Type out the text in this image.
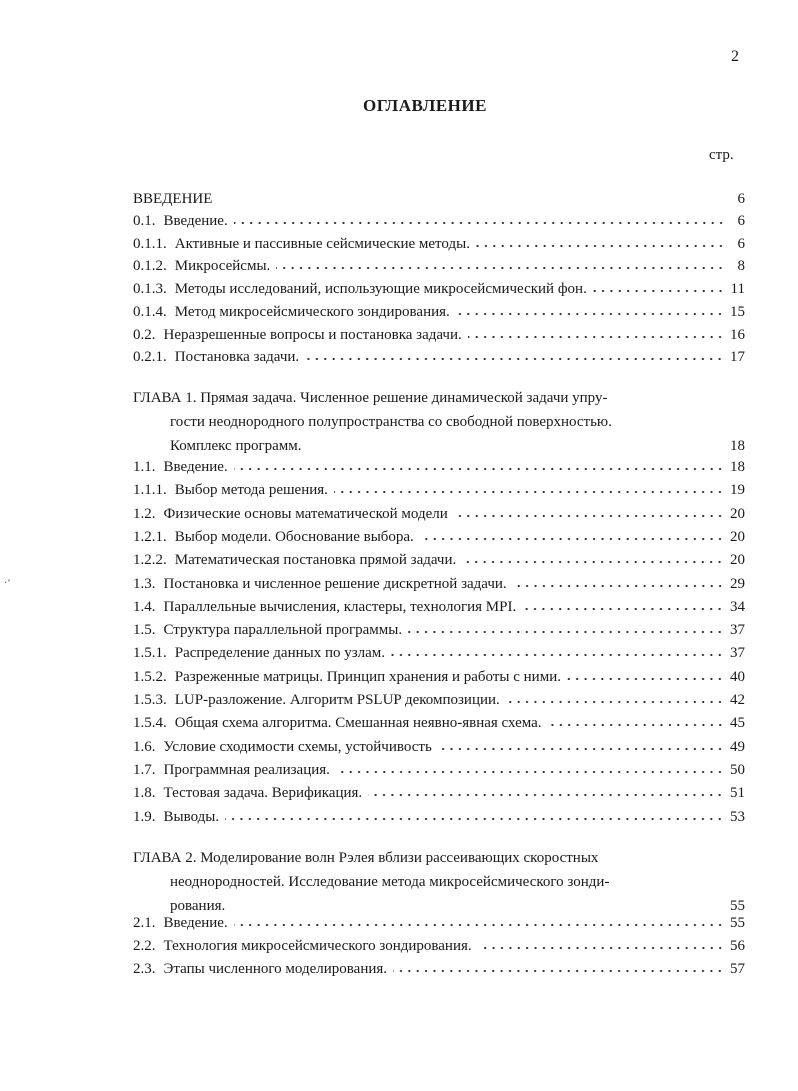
2
ОГЛАВЛЕНИЕ
стр.
ВВЕДЕНИЕ	6
0.1. Введение.	6
0.1.1. Активные и пассивные сейсмические методы.	6
0.1.2. Микросейсмы.	8
0.1.3. Методы исследований, использующие микросейсмический фон.	11
0.1.4. Метод микросейсмического зондирования.	15
0.2. Неразрешенные вопросы и постановка задачи.	16
0.2.1. Постановка задачи.	17
ГЛАВА 1. Прямая задача. Численное решение динамической задачи упру-
гости неоднородного полупространства со свободной поверхностью.
Комплекс программ.	18
1.1. Введение.	18
1.1.1. Выбор метода решения.	19
1.2. Физические основы математической модели	20
1.2.1. Выбор модели. Обоснование выбора.	20
1.2.2. Математическая постановка прямой задачи.	20
1.3. Постановка и численное решение дискретной задачи.	29
1.4. Параллельные вычисления, кластеры, технология MPI.	34
1.5. Структура параллельной программы.	37
1.5.1. Распределение данных по узлам.	37
1.5.2. Разреженные матрицы. Принцип хранения и работы с ними.	40
1.5.3. LUP-разложение. Алгоритм PSLUP декомпозиции.	42
1.5.4. Общая схема алгоритма. Смешанная неявно-явная схема.	45
1.6. Условие сходимости схемы, устойчивость	49
1.7. Программная реализация.	50
1.8. Тестовая задача. Верификация.	51
1.9. Выводы.	53
ГЛАВА 2. Моделирование волн Рэлея вблизи рассеивающих скоростных
неоднородностей. Исследование метода микросейсмического зонди-
рования.	55
2.1. Введение.	55
2.2. Технология микросейсмического зондирования.	56
2.3. Этапы численного моделирования.	57
·‘
